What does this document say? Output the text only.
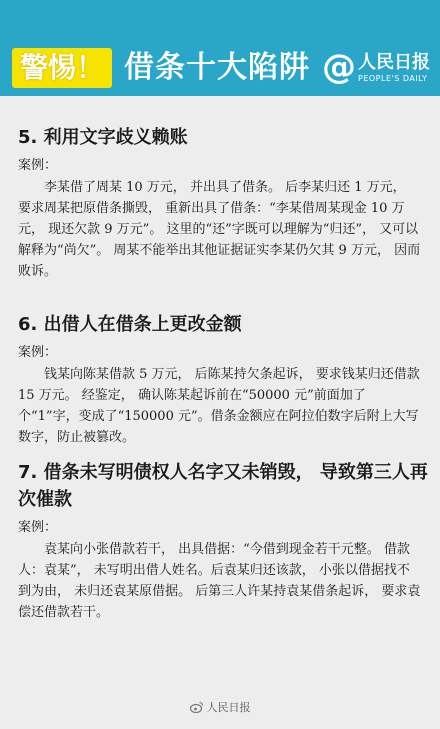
警惕！ 借条十大陷阱 @ 人民日报
PEOPLE'S DAILY
5. 利用文字歧义赖账
案例：

李某借了周某 10 万元， 并出具了借条。 后李某归还 1 万元， 要求周某把原借条撕毁， 重新出具了借条：“李某借周某现金 10 万元， 现还欠款 9 万元”。 这里的“还”字既可以理解为“归还”， 又可以解释为“尚欠”。 周某不能举出其他证据证实李某仍欠其 9 万元， 因而败诉。

6. 出借人在借条上更改金额
案例：

钱某向陈某借款 5 万元， 后陈某持欠条起诉， 要求钱某归还借款 15 万元。 经鉴定， 确认陈某起诉前在“50000 元”前面加了个“1”字，变成了“150000 元”。借条金额应在阿拉伯数字后附上大写数字，防止被篡改。

7. 借条未写明债权人名字又未销毁， 导致第三人再次催款
案例：

袁某向小张借款若干， 出具借据：“今借到现金若干元整。 借款人：袁某”， 未写明出借人姓名。后袁某归还该款， 小张以借据找不到为由， 未归还袁某原借据。 后第三人许某持袁某借条起诉， 要求袁偿还借款若干。

人民日报
